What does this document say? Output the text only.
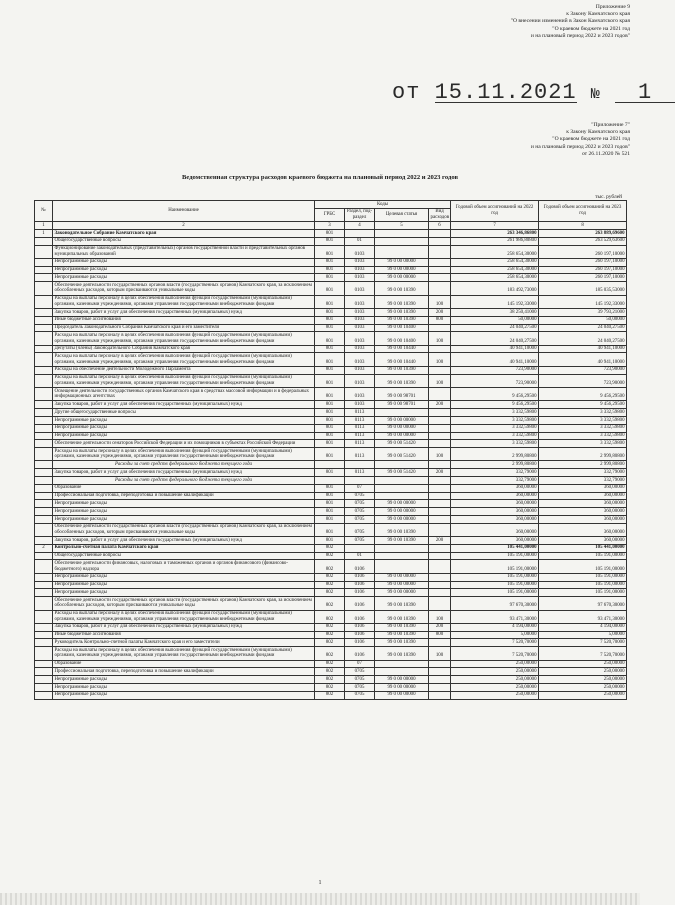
Приложение 9
к Закону Камчатского края
"О внесении изменений в Закон Камчатского края
"О краевом бюджете на 2021 год
и на плановый период 2022 и 2023 годов"
от 15.11.2021 № 1
"Приложение 7"
к Закону Камчатского края
"О краевом бюджете на 2021 год
и на плановый период 2022 и 2023 годов"
от 26.11.2020 № 521
Ведомственная структура расходов краевого бюджета на плановый период 2022 и 2023 годов
тыс. рублей
№	Наименование	Коды				Годовой объем ассигнований на 2022 год	Годовой объем ассигнований на 2023 год
		ГРБС	Раздел, под-раздел	Целевая статья	Вид расходов		
1	2	3	4	5	6	7	8
1	Законодательное Собрание Камчатского края	801				263 346,86800	263 889,69600
	Общегосударственные вопросы	801	01			261 986,80800	263 529,63600
	Функционирование законодательных (представительных) органов государственной власти и представительных органов муниципальных образований	801	0103			258 654,30000	260 197,10000
	Непрограммные расходы	801	0103	99 0 00 00000		258 654,30000	260 197,10000
	Непрограммные расходы	801	0103	99 0 00 00000		258 654,30000	260 197,10000
	Непрограммные расходы	801	0103	99 0 00 00000		258 654,30000	260 197,10000
	Обеспечение деятельности государственных органов власти (государственных органов) Камчатского края, за исключением обособленных расходов, которым присваиваются уникальные коды	801	0103	99 0 00 10390		183 492,73000	185 035,53000
	Расходы на выплаты персоналу в целях обеспечения выполнения функций государственными (муниципальными) органами, казенными учреждениями, органами управления государственными внебюджетными фондами	801	0103	99 0 00 10390	100	145 192,33000	145 192,33000
	Закупка товаров, работ и услуг для обеспечения государственных (муниципальных) нужд	801	0103	99 0 00 10390	200	38 250,41000	39 793,21000
	Иные бюджетные ассигнования	801	0103	99 0 00 10390	800	50,00000	50,00000
	Председатель Законодательного Собрания Камчатского края и его заместители	801	0103	99 0 00 10400		24 040,27500	24 040,27500
	Расходы на выплаты персоналу в целях обеспечения выполнения функций государственными (муниципальными) органами, казенными учреждениями, органами управления государственными внебюджетными фондами	801	0103	99 0 00 10400	100	24 040,27500	24 040,27500
	Депутаты (члены) Законодательного Собрания Камчатского края	801	0103	99 0 00 10440		40 941,10000	40 941,10000
	Расходы на выплаты персоналу в целях обеспечения выполнения функций государственными (муниципальными) органами, казенными учреждениями, органами управления государственными внебюджетными фондами	801	0103	99 0 00 10440	100	40 941,10000	40 941,10000
	Расходы на обеспечение деятельности Молодежного Парламента	801	0103	99 0 00 10390		723,90000	723,90000
	Расходы на выплаты персоналу в целях обеспечения выполнения функций государственными (муниципальными) органами, казенными учреждениями, органами управления государственными внебюджетными фондами	801	0103	99 0 00 10390	100	723,90000	723,90000
	Освещение деятельности государственных органов Камчатского края в средствах массовой информации и в федеральных информационных агентствах	801	0103	99 0 00 98701		9 456,29500	9 456,29500
	Закупка товаров, работ и услуг для обеспечения государственных (муниципальных) нужд	801	0103	99 0 00 98701	200	9 456,29500	9 456,29500
	Другие общегосударственные вопросы	801	0113			3 332,59800	3 332,59800
	Непрограммные расходы	801	0113	99 0 00 00000		3 332,59800	3 332,59800
	Непрограммные расходы	801	0113	99 0 00 00000		3 332,59800	3 332,59800
	Непрограммные расходы	801	0113	99 0 00 00000		3 332,59800	3 332,59800
	Обеспечение деятельности сенаторов Российской Федерации и их помощников в субъектах Российской Федерации	801	0113	99 0 00 51420		3 332,59800	3 332,59800
	Расходы на выплаты персоналу в целях обеспечения выполнения функций государственными (муниципальными) органами, казенными учреждениями, органами управления государственными внебюджетными фондами	801	0113	99 0 00 51420	100	2 999,80800	2 999,80800
	Расходы за счет средств федерального бюджета текущего года					2 999,80800	2 999,80800
	Закупка товаров, работ и услуг для обеспечения государственных (муниципальных) нужд	801	0113	99 0 00 51420	200	332,79000	332,79000
	Расходы за счет средств федерального бюджета текущего года					332,79000	332,79000
	Образование	801	07			360,00000	360,00000
	Профессиональная подготовка, переподготовка и повышение квалификации	801	0705			360,00000	360,00000
	Непрограммные расходы	801	0705	99 0 00 00000		360,00000	360,00000
	Непрограммные расходы	801	0705	99 0 00 00000		360,00000	360,00000
	Непрограммные расходы	801	0705	99 0 00 00000		360,00000	360,00000
	Обеспечение деятельности государственных органов власти (государственных органов) Камчатского края, за исключением обособленных расходов, которым присваиваются уникальные коды	801	0705	99 0 00 10390		360,00000	360,00000
	Закупка товаров, работ и услуг для обеспечения государственных (муниципальных) нужд	801	0705	99 0 00 10390	200	360,00000	360,00000
2	Контрольно-счетная палата Камчатского края	802				105 441,00000	105 441,00000
	Общегосударственные вопросы	802	01			105 191,00000	105 191,00000
	Обеспечение деятельности финансовых, налоговых и таможенных органов и органов финансового (финансово-бюджетного) надзора	802	0106			105 191,00000	105 191,00000
	Непрограммные расходы	802	0106	99 0 00 00000		105 191,00000	105 191,00000
	Непрограммные расходы	802	0106	99 0 00 00000		105 191,00000	105 191,00000
	Непрограммные расходы	802	0106	99 0 00 00000		105 191,00000	105 191,00000
	Обеспечение деятельности государственных органов власти (государственных органов) Камчатского края, за исключением обособленных расходов, которым присваиваются уникальные коды	802	0106	99 0 00 10390		97 670,30000	97 670,30000
	Расходы на выплаты персоналу в целях обеспечения выполнения функций государственными (муниципальными) органами, казенными учреждениями, органами управления государственными внебюджетными фондами	802	0106	99 0 00 10390	100	93 471,30000	93 471,30000
	Закупка товаров, работ и услуг для обеспечения государственных (муниципальных) нужд	802	0106	99 0 00 10390	200	4 194,00000	4 194,00000
	Иные бюджетные ассигнования	802	0106	99 0 00 10390	800	5,00000	5,00000
	Руководитель Контрольно-счетной палаты Камчатского края и его заместители	802	0106	99 0 00 10390		7 520,70000	7 520,70000
	Расходы на выплаты персоналу в целях обеспечения выполнения функций государственными (муниципальными) органами, казенными учреждениями, органами управления государственными внебюджетными фондами	802	0106	99 0 00 10390	100	7 520,70000	7 520,70000
	Образование	802	07			250,00000	250,00000
	Профессиональная подготовка, переподготовка и повышение квалификации	802	0705			250,00000	250,00000
	Непрограммные расходы	802	0705	99 0 00 00000		250,00000	250,00000
	Непрограммные расходы	802	0705	99 0 00 00000		250,00000	250,00000
	Непрограммные расходы	802	0705	99 0 00 00000		250,00000	250,00000
1
